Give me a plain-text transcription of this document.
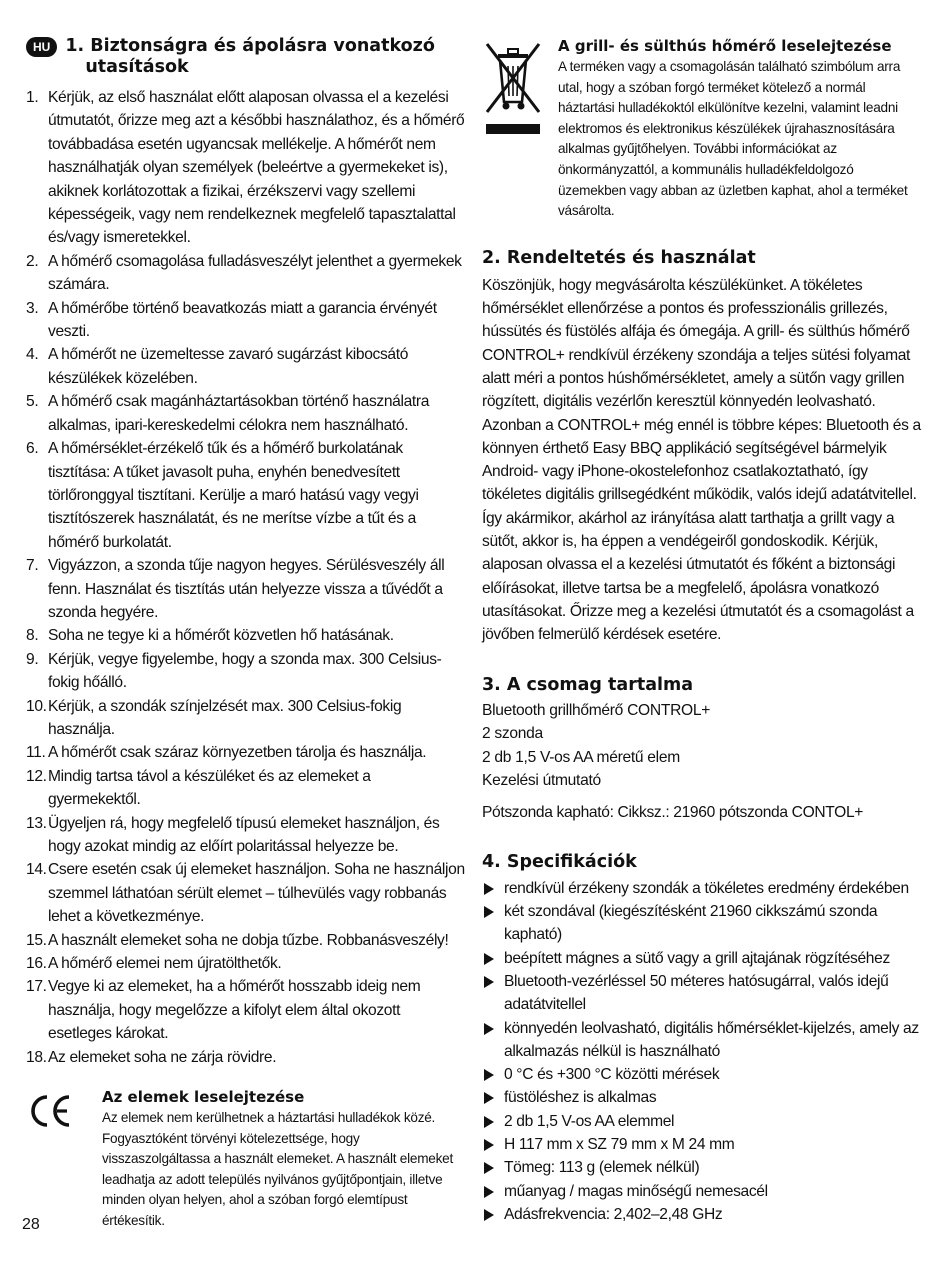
HU 1. Biztonságra és ápolásra vonatkozó
utasítások
1. Kérjük, az első használat előtt alaposan olvassa el a kezelési útmutatót, őrizze meg azt a későbbi használathoz, és a hőmérő továbbadása esetén ugyancsak mellékelje. A hőmérőt nem használhatják olyan személyek (beleértve a gyermekeket is), akiknek korlátozottak a fizikai, érzékszervi vagy szellemi képességeik, vagy nem rendelkeznek megfelelő tapasztalattal és/vagy ismeretekkel.
2. A hőmérő csomagolása fulladásveszélyt jelenthet a gyermekek számára.
3. A hőmérőbe történő beavatkozás miatt a garancia érvényét veszti.
4. A hőmérőt ne üzemeltesse zavaró sugárzást kibocsátó készülékek közelében.
5. A hőmérő csak magánháztartásokban történő használatra alkalmas, ipari-kereskedelmi célokra nem használható.
6. A hőmérséklet-érzékelő tűk és a hőmérő burkolatának tisztítása: A tűket javasolt puha, enyhén benedvesített törlőronggyal tisztítani. Kerülje a maró hatású vagy vegyi tisztítószerek használatát, és ne merítse vízbe a tűt és a hőmérő burkolatát.
7. Vigyázzon, a szonda tűje nagyon hegyes. Sérülésveszély áll fenn. Használat és tisztítás után helyezze vissza a tűvédőt a szonda hegyére.
8. Soha ne tegye ki a hőmérőt közvetlen hő hatásának.
9. Kérjük, vegye figyelembe, hogy a szonda max. 300 Celsius-fokig hőálló.
10. Kérjük, a szondák színjelzését max. 300 Celsius-fokig használja.
11. A hőmérőt csak száraz környezetben tárolja és használja.
12. Mindig tartsa távol a készüléket és az elemeket a gyermekektől.
13. Ügyeljen rá, hogy megfelelő típusú elemeket használjon, és hogy azokat mindig az előírt polaritással helyezze be.
14. Csere esetén csak új elemeket használjon. Soha ne használjon szemmel láthatóan sérült elemet – túlhevülés vagy robbanás lehet a következménye.
15. A használt elemeket soha ne dobja tűzbe. Robbanásveszély!
16. A hőmérő elemei nem újratölthetők.
17. Vegye ki az elemeket, ha a hőmérőt hosszabb ideig nem használja, hogy megelőzze a kifolyt elem által okozott esetleges károkat.
18. Az elemeket soha ne zárja rövidre.
Az elemek leselejtezése

Az elemek nem kerülhetnek a háztartási hulladékok közé. Fogyasztóként törvényi kötelezettsége, hogy visszaszolgáltassa a használt elemeket. A használt elemeket leadhatja az adott település nyilvános gyűjtőpontjain, illetve minden olyan helyen, ahol a szóban forgó elemtípust értékesítik.

A grill- és sülthús hőmérő leselejtezése

A terméken vagy a csomagolásán található szimbólum arra utal, hogy a szóban forgó terméket kötelező a normál háztartási hulladékoktól elkülönítve kezelni, valamint leadni elektromos és elektronikus készülékek újrahasznosítására alkalmas gyűjtőhelyen. További információkat az önkormányzattól, a kommunális hulladékfeldolgozó üzemekben vagy abban az üzletben kaphat, ahol a terméket vásárolta.

2. Rendeltetés és használat

Köszönjük, hogy megvásárolta készülékünket. A tökéletes hőmérséklet ellenőrzése a pontos és professzionális grillezés, hússütés és füstölés alfája és ómegája. A grill- és sülthús hőmérő CONTROL+ rendkívül érzékeny szondája a teljes sütési folyamat alatt méri a pontos húshőmérsékletet, amely a sütőn vagy grillen rögzített, digitális vezérlőn keresztül könnyedén leolvasható. Azonban a CONTROL+ még ennél is többre képes: Bluetooth és a könnyen érthető Easy BBQ applikáció segítségével bármelyik Android- vagy iPhone-okostelefonhoz csatlakoztatható, így tökéletes digitális grillsegédként működik, valós idejű adatátvitellel. Így akármikor, akárhol az irányítása alatt tarthatja a grillt vagy a sütőt, akkor is, ha éppen a vendégeiről gondoskodik. Kérjük, alaposan olvassa el a kezelési útmutatót és főként a biztonsági előírásokat, illetve tartsa be a megfelelő, ápolásra vonatkozó utasításokat. Őrizze meg a kezelési útmutatót és a csomagolást a jövőben felmerülő kérdések esetére.

3. A csomag tartalma
Bluetooth grillhőmérő CONTROL+
2 szonda
2 db 1,5 V-os AA méretű elem
Kezelési útmutató

Pótszonda kapható: Cikksz.: 21960 pótszonda CONTOL+

4. Specifikációk
rendkívül érzékeny szondák a tökéletes eredmény érdekében
két szondával (kiegészítésként 21960 cikkszámú szonda kapható)
beépített mágnes a sütő vagy a grill ajtajának rögzítéséhez
Bluetooth-vezérléssel 50 méteres hatósugárral, valós idejű adatátvitellel
könnyedén leolvasható, digitális hőmérséklet-kijelzés, amely az alkalmazás nélkül is használható
0 °C és +300 °C közötti mérések
füstöléshez is alkalmas
2 db 1,5 V-os AA elemmel
H 117 mm x SZ 79 mm x M 24 mm
Tömeg: 113 g (elemek nélkül)
műanyag / magas minőségű nemesacél
Adásfrekvencia: 2,402–2,48 GHz
28
